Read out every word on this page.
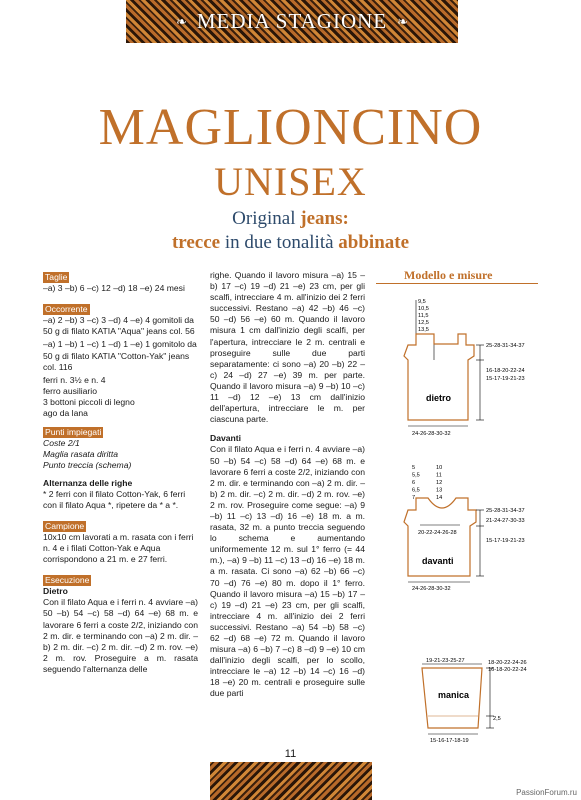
❧ MEDIA STAGIONE ❧
MAGLIONCINO
UNISEX
Original jeans:
trecce in due tonalità abbinate
Taglie
–a) 3 –b) 6 –c) 12 –d) 18 –e) 24 mesi
Occorrente
–a) 2 –b) 3 –c) 3 –d) 4 –e) 4 gomitoli da 50 g di filato KATIA "Aqua" jeans col. 56
–a) 1 –b) 1 –c) 1 –d) 1 –e) 1 gomitolo da 50 g di filato KATIA "Cotton-Yak" jeans col. 116
ferri n. 3½ e n. 4
ferro ausiliario
3 bottoni piccoli di legno
ago da lana
Punti impiegati
Coste 2/1
Maglia rasata diritta
Punto treccia (schema)
Alternanza delle righe
* 2 ferri con il filato Cotton-Yak, 6 ferri con il filato Aqua *, ripetere da * a *.
Campione
10x10 cm lavorati a m. rasata con i ferri n. 4 e i filati Cotton-Yak e Aqua corrispondono a 21 m. e 27 ferri.
Esecuzione
Dietro
Con il filato Aqua e i ferri n. 4 avviare –a) 50 –b) 54 –c) 58 –d) 64 –e) 68 m. e lavorare 6 ferri a coste 2/2, iniziando con 2 m. dir. e terminando con –a) 2 m. dir. –b) 2 m. dir. –c) 2 m. dir. –d) 2 m. rov. –e) 2 m. rov. Proseguire a m. rasata seguendo l'alternanza delle
righe. Quando il lavoro misura –a) 15 –b) 17 –c) 19 –d) 21 –e) 23 cm, per gli scalfi, intrecciare 4 m. all'inizio dei 2 ferri successivi. Restano –a) 42 –b) 46 –c) 50 –d) 56 –e) 60 m. Quando il lavoro misura 1 cm dall'inizio degli scalfi, per l'apertura, intrecciare le 2 m. centrali e proseguire sulle due parti separatamente: ci sono –a) 20 –b) 22 –c) 24 –d) 27 –e) 39 m. per parte. Quando il lavoro misura –a) 9 –b) 10 –c) 11 –d) 12 –e) 13 cm dall'inizio dell'apertura, intrecciare le m. per ciascuna parte.
Davanti
Con il filato Aqua e i ferri n. 4 avviare –a) 50 –b) 54 –c) 58 –d) 64 –e) 68 m. e lavorare 6 ferri a coste 2/2, iniziando con 2 m. dir. e terminando con –a) 2 m. dir. –b) 2 m. dir. –c) 2 m. dir. –d) 2 m. rov. –e) 2 m. rov. Proseguire come segue: –a) 9 –b) 11 –c) 13 –d) 16 –e) 18 m. a m. rasata, 32 m. a punto treccia seguendo lo schema e aumentando uniformemente 12 m. sul 1° ferro (= 44 m.), –a) 9 –b) 11 –c) 13 –d) 16 –e) 18 m. a m. rasata. Ci sono –a) 62 –b) 66 –c) 70 –d) 76 –e) 80 m. dopo il 1° ferro. Quando il lavoro misura –a) 15 –b) 17 –c) 19 –d) 21 –e) 23 cm, per gli scalfi, intrecciare 4 m. all'inizio dei 2 ferri successivi. Restano –a) 54 –b) 58 –c) 62 –d) 68 –e) 72 m. Quando il lavoro misura –a) 6 –b) 7 –c) 8 –d) 9 –e) 10 cm dall'inizio degli scalfi, per lo scollo, intrecciare le –a) 12 –b) 14 –c) 16 –d) 18 –e) 20 m. centrali e proseguire sulle due parti
Modello e misure
dietro
25-28-31-34-37
16-18-20-22-24
15-17-19-21-23
24-26-28-30-32
20-22-24-26-28
davanti
25-28-31-34-37
21-24-27-30-33
15-17-19-21-23
24-26-28-30-32
19-21-23-25-27
manica
18-20-22-24-26
16-18-20-22-24
2,5
15-16-17-18-19
9,5
10,5
11,5
12,5
13,5
5
5,5
6
6,5
7
10
11
12
13
14
11
PassionForum.ru
